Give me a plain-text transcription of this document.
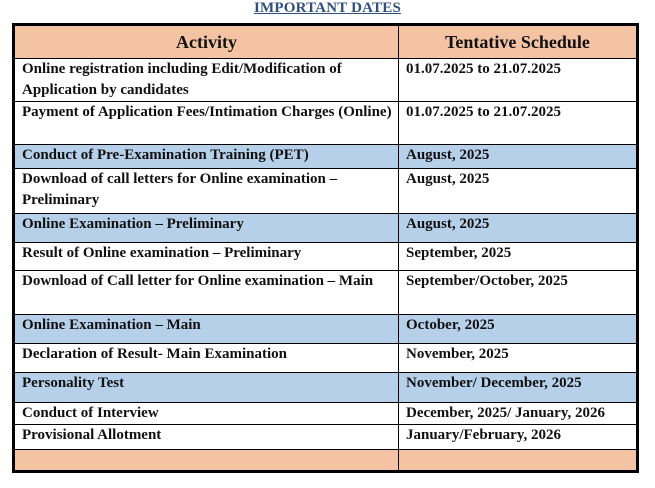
IMPORTANT DATES
Activity	Tentative Schedule
Online registration including Edit/Modification of Application by candidates	01.07.2025 to 21.07.2025
Payment of Application Fees/Intimation Charges (Online)	01.07.2025 to 21.07.2025
Conduct of Pre-Examination Training (PET)	August, 2025
Download of call letters for Online examination – Preliminary	August, 2025
Online Examination – Preliminary	August, 2025
Result of Online examination – Preliminary	September, 2025
Download of Call letter for Online examination – Main	September/October, 2025
Online Examination – Main	October, 2025
Declaration of Result- Main Examination	November, 2025
Personality Test	November/ December, 2025
Conduct of Interview	December, 2025/ January, 2026
Provisional Allotment	January/February, 2026
